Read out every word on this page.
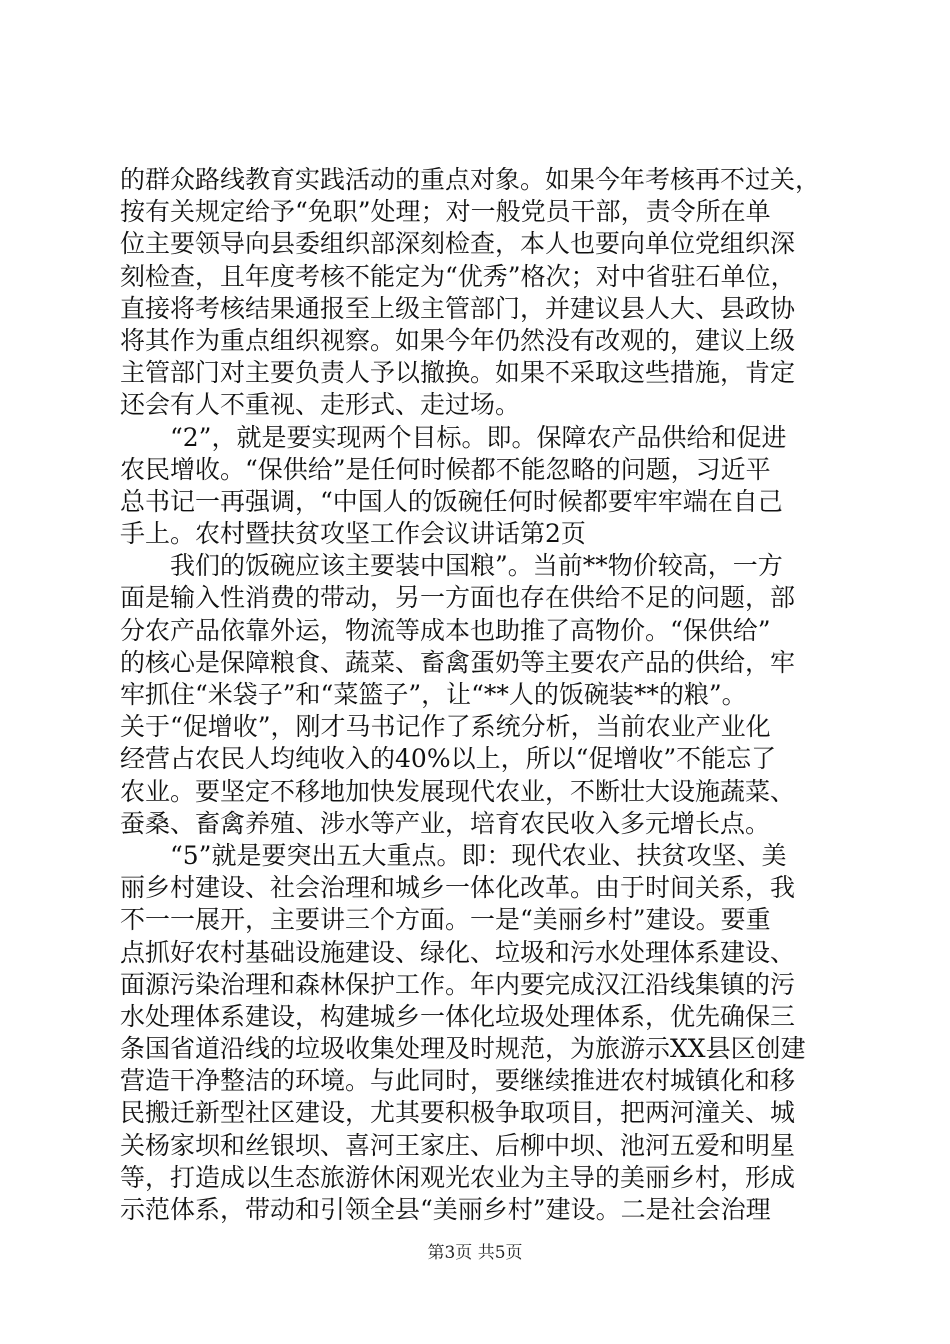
的群众路线教育实践活动的重点对象。如果今年考核再不过关，
按有关规定给予“免职”处理；对一般党员干部，责令所在单
位主要领导向县委组织部深刻检查，本人也要向单位党组织深
刻检查，且年度考核不能定为“优秀”格次；对中省驻石单位，
直接将考核结果通报至上级主管部门，并建议县人大、县政协
将其作为重点组织视察。如果今年仍然没有改观的，建议上级
主管部门对主要负责人予以撤换。如果不采取这些措施，肯定
还会有人不重视、走形式、走过场。
　　“2”，就是要实现两个目标。即。保障农产品供给和促进
农民增收。“保供给”是任何时候都不能忽略的问题，习近平
总书记一再强调，“中国人的饭碗任何时候都要牢牢端在自己
手上。农村暨扶贫攻坚工作会议讲话第2页
　　我们的饭碗应该主要装中国粮”。当前**物价较高，一方
面是输入性消费的带动，另一方面也存在供给不足的问题，部
分农产品依靠外运，物流等成本也助推了高物价。“保供给”
的核心是保障粮食、蔬菜、畜禽蛋奶等主要农产品的供给，牢
牢抓住“米袋子”和“菜篮子”，让“**人的饭碗装**的粮”。
关于“促增收”，刚才马书记作了系统分析，当前农业产业化
经营占农民人均纯收入的40%以上，所以“促增收”不能忘了
农业。要坚定不移地加快发展现代农业，不断壮大设施蔬菜、
蚕桑、畜禽养殖、涉水等产业，培育农民收入多元增长点。
　　“5”就是要突出五大重点。即：现代农业、扶贫攻坚、美
丽乡村建设、社会治理和城乡一体化改革。由于时间关系，我
不一一展开，主要讲三个方面。一是“美丽乡村”建设。要重
点抓好农村基础设施建设、绿化、垃圾和污水处理体系建设、
面源污染治理和森林保护工作。年内要完成汉江沿线集镇的污
水处理体系建设，构建城乡一体化垃圾处理体系，优先确保三
条国省道沿线的垃圾收集处理及时规范，为旅游示XX县区创建
营造干净整洁的环境。与此同时，要继续推进农村城镇化和移
民搬迁新型社区建设，尤其要积极争取项目，把两河潼关、城
关杨家坝和丝银坝、喜河王家庄、后柳中坝、池河五爱和明星
等，打造成以生态旅游休闲观光农业为主导的美丽乡村，形成
示范体系，带动和引领全县“美丽乡村”建设。二是社会治理
第3页 共5页
